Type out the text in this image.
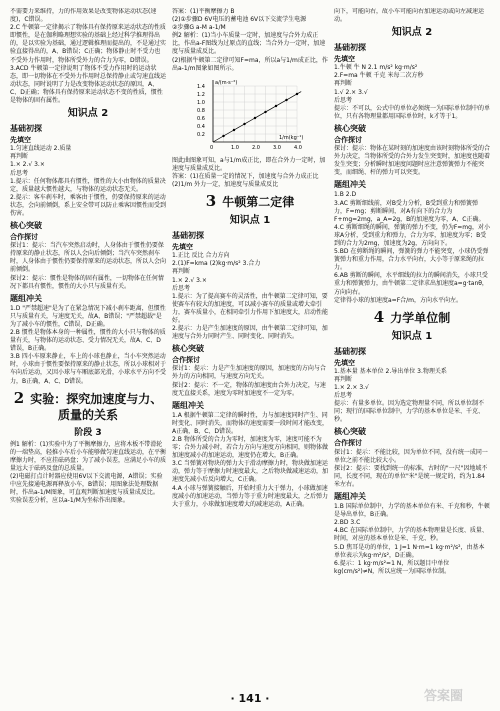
不需要力来维持，力的作用效果是改变物体运动状态(速度)，C错误。
2.C 牛顿第一定律揭示了物体具有保持原来运动状态的性质即惯性，是在伽利略理想实验的基础上经过科学推理得出的，是以实验为基础，通过逻辑推理而提出的，不是通过实验直接得出的，A、B错误；C正确；物体静止时不受力也不受外力作用时，物体所受外力的合力为零，D错误。
3.ACD 牛顿第一定律说明了物体不受力作用时的运动状态，即一切物体在不受外力作用时总保持静止或匀速直线运动状态，同时说明了力是改变物体运动状态的原因，A、C、D正确；物体具有保持原来运动状态不变的性质，惯性是物体的固有属性。
知识点 2
基础初探
先填空
1.匀速直线运动 2.质量
再判断
1.× 2.√ 3.×
后思考
1.提示：任何物体都具有惯性，惯性的大小由物体的质量决定，质量越大惯性越大，与物体的运动状态无关。
2.提示：客车刹车时，乘客由于惯性，仍要保持原来的运动状态，会向前倾倒，系上安全带可以防止乘客因惯性而受到伤害。
核心突破
合作探讨
探讨1：提示：当汽车突然启动时，人身体由于惯性仍要保持原来的静止状态，所以人会向后倾倒；当汽车突然刹车时，人身体由于惯性仍要保持原来的运动状态，所以人会向前倾倒。
探讨2：提示：惯性是物体的固有属性，一切物体在任何情况下都具有惯性，惯性的大小只与质量有关。
题组冲关
1.D "严禁超速"是为了在紧急情况下减小刹车距离，但惯性只与质量有关，与速度无关，故A、B错误；"严禁超载"是为了减小车的惯性，C错误，D正确。
2.B 惯性是物体本身的一种属性，惯性的大小只与物体的质量有关，与物体的运动状态、受力情况无关，故A、C、D错误，B正确。
3.B 四小车原来静止，车上的小球也静止，当小车突然运动时，小球由于惯性要保持原来的静止状态，所以小球相对于车向后运动，又因小球与车厢底部光滑，小球水平方向不受力，B正确，A、C、D错误。
2 实验：探究加速度与力、质量的关系
阶段 3
例1 解析：(1)实验中为了平衡摩擦力，应将木板不带滑轮的一端垫高，轻推小车后小车能够做匀速直线运动，在平衡摩擦力时，不应挂砝码盘；为了减小误差，应满足小车的质量远大于砝码及盘的总质量。
(2)电磁打点计时器应使用6V以下交流电源，A错误；实验中应先接通电源再释放小车，B错误；用图象法处理数据时，作出a-1/M图象，可直观判断加速度与质量成反比。
实验误差分析，应以a-1/M为坐标作出图象。
答案：(1)平衡摩擦力 B
(2)①步骤D 6V电压的蓄电池 6V以下交流学生电源
②步骤G a-M a-1/M
例2 解析：(1)当小车质量一定时，加速度与合外力成正比，作出a-F图线为过原点的直线；当合外力一定时，加速度与质量成反比。
(2)根据牛顿第二定律可知F=ma，所以a与1/m成正比，作出a-1/m图象如图所示。
a/(m·s⁻²)
1/m(kg⁻¹)
0	1.0	2.0	3.0	4.0
0.2
0.4
0.6
0.8
1.0
1.2
1.4
图此曲图象可知，a与1/m成正比，即在合外力一定时，加速度与质量成反比。
答案：(1)在质量一定的情况下，加速度与合外力成正比
(2)1/m 外力一定，加速度与质量成反比
3 牛顿第二定律
知识点 1
基础初探
先填空
1.正比 反比 合力方向
2.(1)F=kma (2)kg·m/s² 3.合力
再判断
1.× 2.√ 3.×
后思考
1.提示：为了提高赛车的灵活性，由牛顿第二定律可知，要使赛车有较大的加速度，可以减小赛车的质量或增大牵引力，赛车质量小，在相同牵引力作用下加速度大，启动性能好。
2.提示：力是产生加速度的原因，由牛顿第二定律可知，加速度与合外力同时产生、同时变化、同时消失。
核心突破
合作探讨
探讨1：提示：力是产生加速度的原因，加速度的方向与合外力的方向相同，与速度方向无关。
探讨2：提示：不一定，物体的加速度由合外力决定，与速度无直接关系，速度为零时加速度不一定为零。
题组冲关
1.A 根据牛顿第二定律的瞬时性，力与加速度同时产生、同时变化、同时消失，而物体的速度需要一段时间才能改变，A正确，B、C、D错误。
2.B 物体所受的合力为零时，加速度为零，速度可能不为零；合外力减小时，若合力方向与速度方向相同，则物体做加速度减小的加速运动，速度仍在增大，B正确。
3.C 当弹簧对物块的弹力大于滑动摩擦力时，物块做加速运动，弹力等于摩擦力时速度最大，之后物块做减速运动，加速度先减小后反向增大，C正确。
4.A 小球与弹簧接触后，开始时重力大于弹力，小球做加速度减小的加速运动，当弹力等于重力时速度最大，之后弹力大于重力，小球做加速度增大的减速运动，A正确。
向下，可能向右，故小车可能向右加速运动或向左减速运动。
知识点 2
基础初探
先填空
1.牛顿 牛 N 2.1 m/s² kg·m/s²
2.F=ma 牛顿 千克 米每二次方秒
再判断
1.√ 2.× 3.√
后思考
提示：不可以，公式中的单位必须统一为国际单位制中的单位，只有各物理量都用国际单位时，k才等于1。
核心突破
合作探讨
探讨：提示：物体在某时刻的加速度由该时刻物体所受的合外力决定，当物体所受的合外力发生突变时，加速度也随着发生突变；分析瞬时加速度问题时应注意弹簧弹力不能突变，而细绳、杆的弹力可以突变。
题组冲关
1.B 2.D
3.AC 剪断细线前，对B受力分析，B受到重力和弹簧弹力，F=mg；剪断瞬间，对A有向下的合力为F+mg=2mg，a_A=2g，B的加速度为零，A、C正确。
4.C 剪断细绳的瞬间，弹簧的弹力不变，仍为F=mg，对小球A分析，受到重力和弹力，合力为零，加速度为零；B受到的合力为2mg，加速度为2g，方向向下。
5.BD 在剪断绳的瞬间，弹簧的弹力不能突变，小球仍受弹簧弹力和重力作用，合力水平向右，大小等于原来绳的拉力。
6.AB 剪断的瞬间，水平细线的拉力的瞬间消失，小球只受重力和弹簧弹力，由牛顿第二定律求出加速度a=g·tanθ，方向向右。
定律得小球的加速度a=F合/m，方向水平向左。
4 力学单位制
知识点 1
基础初探
先填空
1.基本量 基本单位 2.导出单位 3.物理关系
再判断
1.× 2.× 3.√
后思考
提示：有量多单位。因为选定物理量不同，所以单位制不同；现行的国际单位制中，力学的基本单位是米、千克、秒。
核心突破
合作探讨
探讨1：提示：不能比较，因为单位不同，没有统一成同一单位之前不能比较大小。
探讨2：提示：要找到统一的标准，古时的"一尺"因地域不同，长度不同，现在的单位"米"是统一规定的，约为1.84米左右。
题组冲关
1.B 国际单位制中，力学的基本单位有米、千克和秒，牛顿是导出单位，B正确。
2.BD 3.C
4.BC 在国际单位制中，力学的基本物理量是长度、质量、时间，对应的基本单位是米、千克、秒。
5.D 焦耳是功的单位，1 J=1 N·m=1 kg·m²/s²，由基本单位表示为kg·m²/s²，D正确。
6.提示：1 kg·m/s²=1 N，所以题目中单位kg(cm/s²)≠N，所以应统一为国际单位制。
· 141 ·	答案圈
